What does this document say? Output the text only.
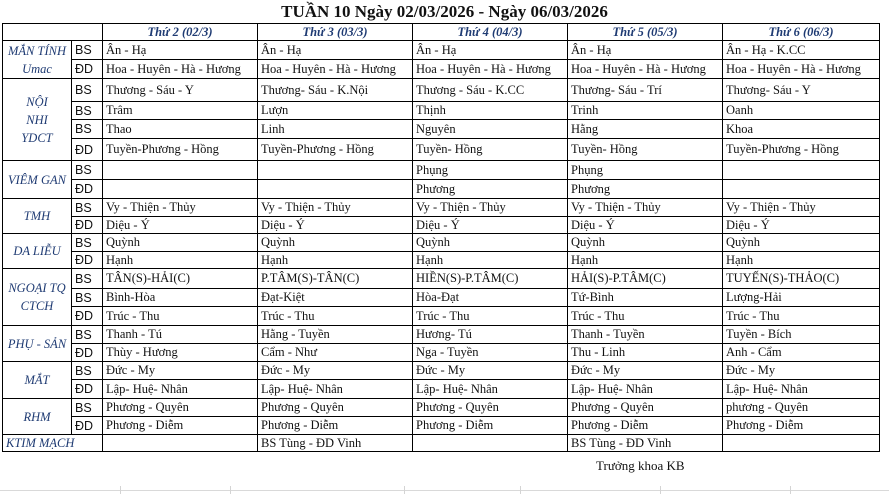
TUẦN 10 Ngày 02/03/2026 - Ngày 06/03/2026
		Thứ 2 (02/3)	Thứ 3 (03/3)	Thứ 4 (04/3)	Thứ 5 (05/3)	Thứ 6 (06/3)
MẮN TÍNH
Umac	BS	Ân - Hạ	Ân - Hạ	Ân - Hạ	Ân - Hạ	Ân - Hạ - K.CC
	ĐD	Hoa - Huyên - Hà - Hương	Hoa - Huyên - Hà - Hương	Hoa - Huyên - Hà - Hương	Hoa - Huyên - Hà - Hương	Hoa - Huyên - Hà - Hương
NỘI
NHI
YDCT	BS	Thương - Sáu - Y	Thương- Sáu - K.Nội	Thương - Sáu - K.CC	Thương- Sáu - Trí	Thương- Sáu - Y
	BS	Trâm	Lượn	Thịnh	Trinh	Oanh
	BS	Thao	Linh	Nguyên	Hằng	Khoa
	ĐD	Tuyền-Phương - Hồng	Tuyền-Phương - Hồng	Tuyền- Hồng	Tuyền- Hồng	Tuyền-Phương - Hồng
VIÊM GAN	BS			Phụng	Phụng	
	ĐD			Phương	Phương	
TMH	BS	Vy - Thiện - Thủy	Vy - Thiện - Thủy	Vy - Thiện - Thủy	Vy - Thiện - Thủy	Vy - Thiện - Thủy
	ĐD	Diệu - Ý	Diệu - Ý	Diệu - Ý	Diệu - Ý	Diệu - Ý
DA LIỄU	BS	Quỳnh	Quỳnh	Quỳnh	Quỳnh	Quỳnh
	ĐD	Hạnh	Hạnh	Hạnh	Hạnh	Hạnh
NGOẠI TQ
CTCH	BS	TÂN(S)-HẢI(C)	P.TÂM(S)-TÂN(C)	HIỀN(S)-P.TÂM(C)	HẢI(S)-P.TÂM(C)	TUYẾN(S)-THẢO(C)
	BS	Bình-Hòa	Đạt-Kiệt	Hòa-Đạt	Tứ-Bình	Lượng-Hải
	ĐD	Trúc - Thu	Trúc - Thu	Trúc - Thu	Trúc - Thu	Trúc - Thu
PHỤ - SẢN	BS	Thanh - Tú	Hằng - Tuyền	Hương- Tú	Thanh - Tuyền	Tuyền - Bích
	ĐD	Thùy - Hương	Cẩm - Như	Nga - Tuyền	Thu - Linh	Anh - Cẩm
MẮT	BS	Đức - My	Đức - My	Đức - My	Đức - My	Đức - My
	ĐD	Lập- Huệ- Nhân	Lập- Huệ- Nhân	Lập- Huệ- Nhân	Lập- Huệ- Nhân	Lập- Huệ- Nhân
RHM	BS	Phương - Quyên	Phương - Quyên	Phương - Quyên	Phương - Quyên	phương - Quyên
	ĐD	Phương - Diễm	Phương - Diễm	Phương - Diễm	Phương - Diễm	Phương - Diễm
KTIM MẠCH			BS Tùng - ĐD Vinh		BS Tùng - ĐD Vinh	
Trưởng khoa KB
